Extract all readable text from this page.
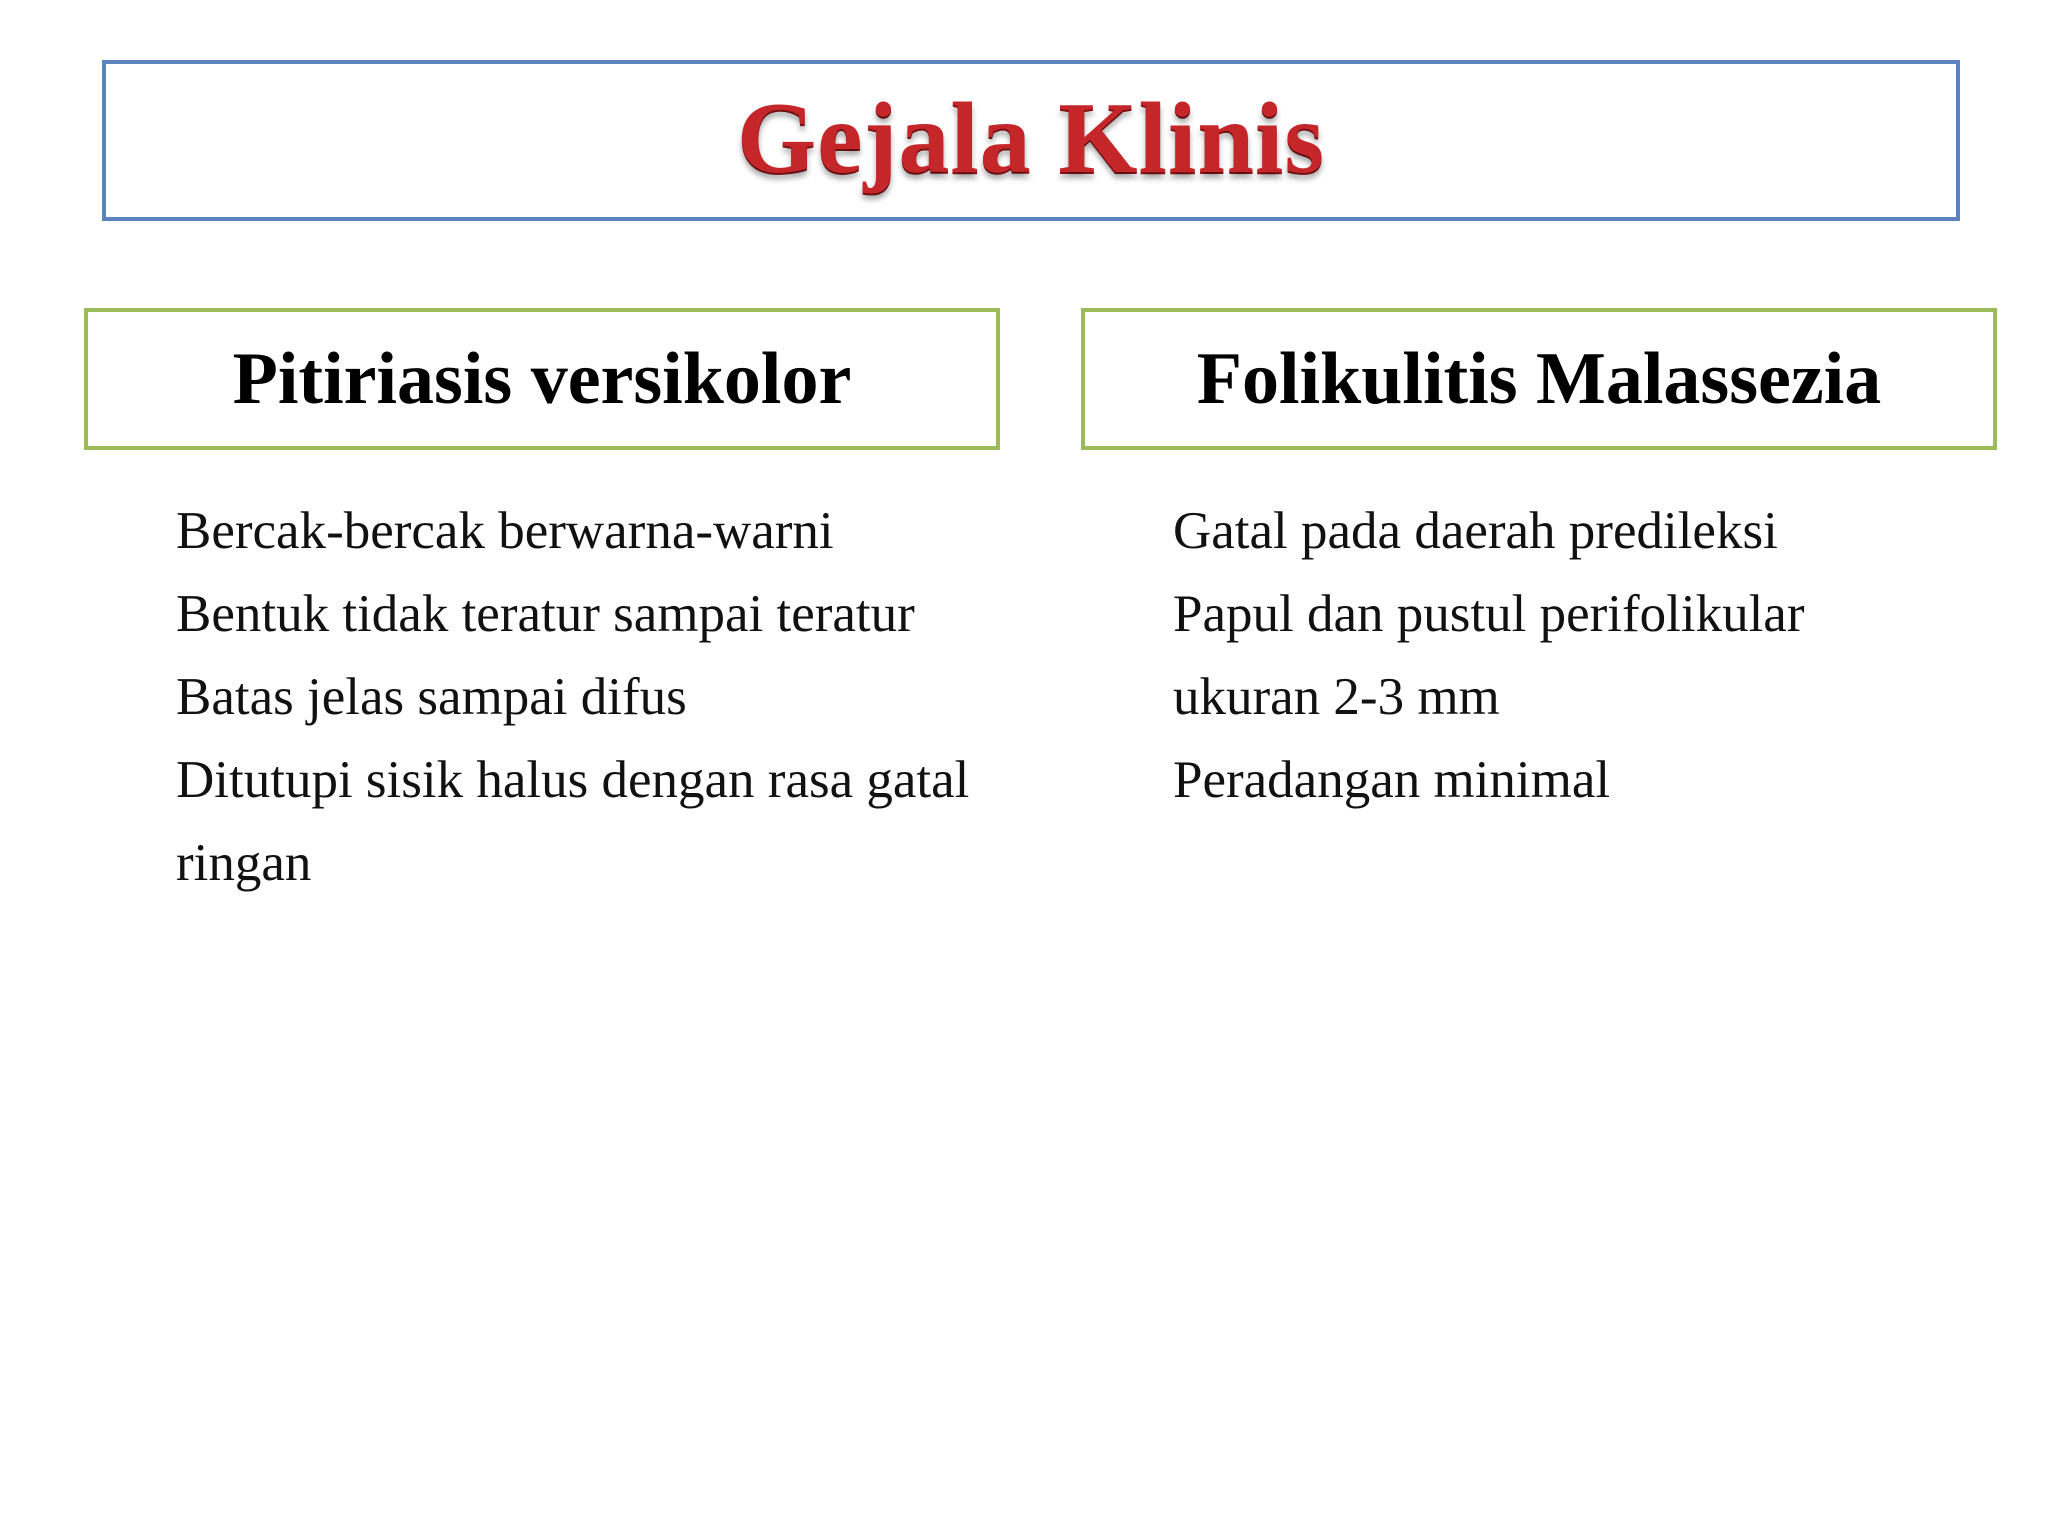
Gejala Klinis
Pitiriasis versikolor	Folikulitis Malassezia
Bercak-bercak berwarna-warni
Bentuk tidak teratur sampai teratur
Batas jelas sampai difus
Ditutupi sisik halus dengan rasa gatal ringan
Gatal pada daerah predileksi
Papul dan pustul perifolikular ukuran 2-3 mm
Peradangan minimal
